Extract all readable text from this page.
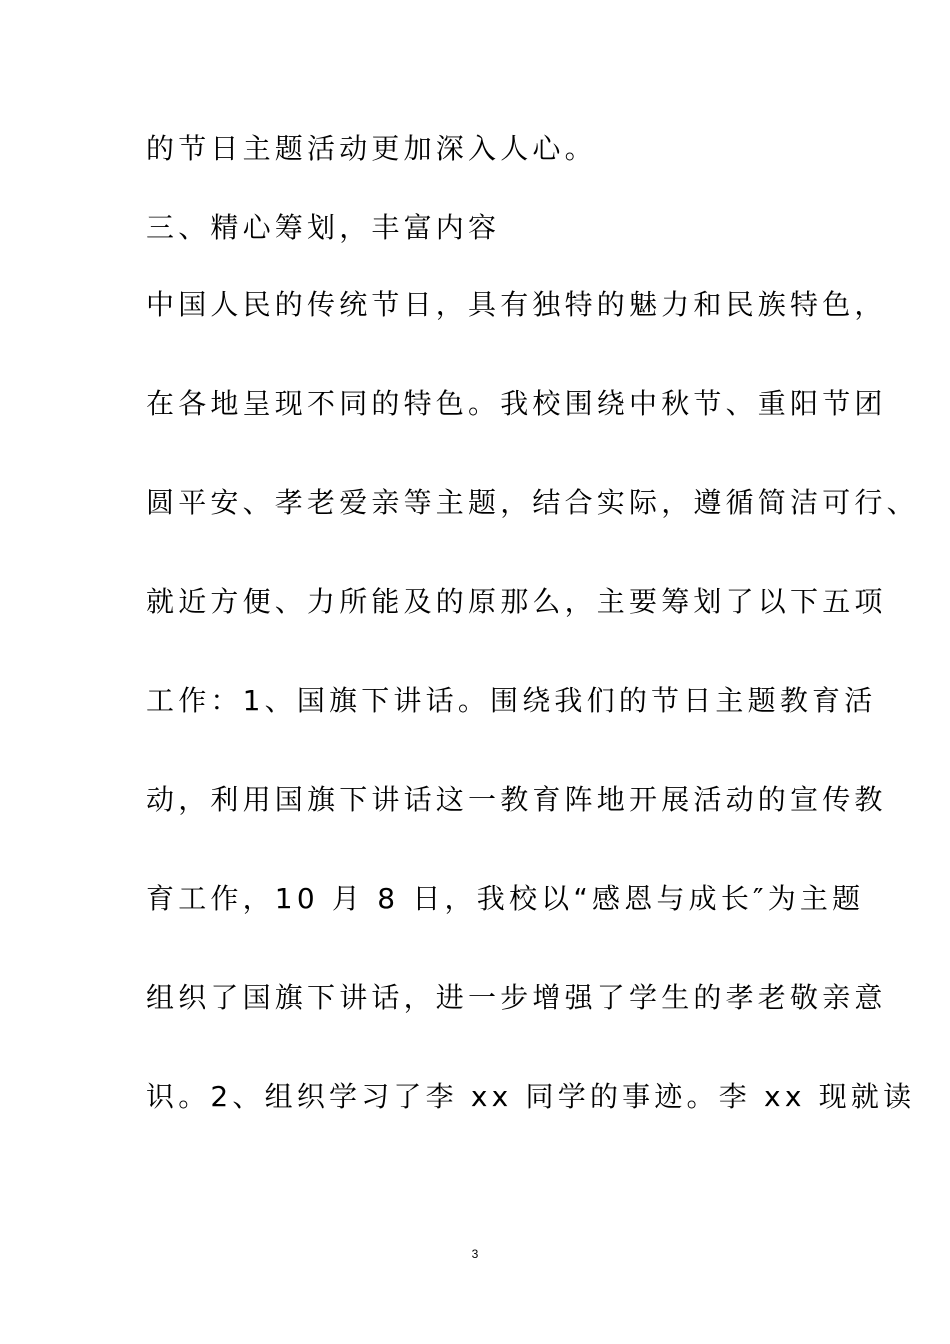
的节日主题活动更加深入人心。
三、精心筹划，丰富内容
中国人民的传统节日，具有独特的魅力和民族特色，
在各地呈现不同的特色。我校围绕中秋节、重阳节团
圆平安、孝老爱亲等主题，结合实际，遵循简洁可行、
就近方便、力所能及的原那么，主要筹划了以下五项
工作：1、国旗下讲话。围绕我们的节日主题教育活
动，利用国旗下讲话这一教育阵地开展活动的宣传教
育工作，10 月 8 日，我校以“感恩与成长″为主题
组织了国旗下讲话，进一步增强了学生的孝老敬亲意
识。2、组织学习了李 xx 同学的事迹。李 xx 现就读
3
